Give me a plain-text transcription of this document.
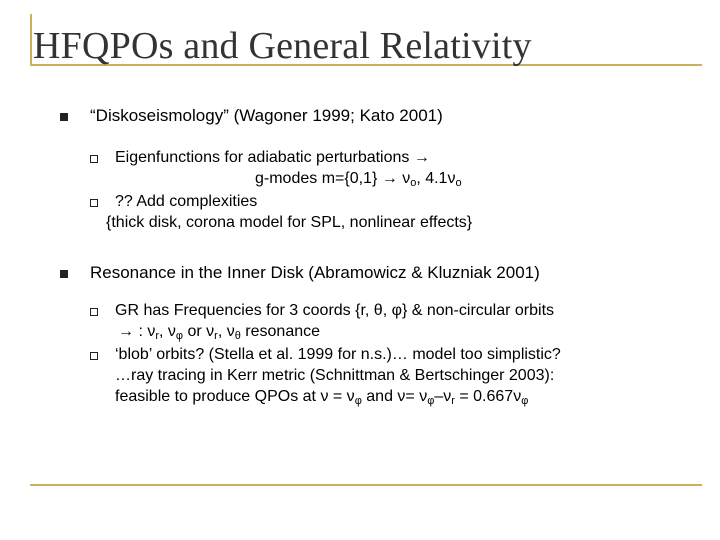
HFQPOs and General Relativity
“Diskoseismology” (Wagoner 1999; Kato 2001)
Eigenfunctions for adiabatic perturbations →
g-modes m={0,1} → νo, 4.1νo
?? Add complexities
{thick disk, corona model for SPL, nonlinear effects}
Resonance in the Inner Disk (Abramowicz & Kluzniak 2001)
GR has Frequencies for 3 coords {r, θ, φ} & non-circular orbits
→ : νr, νφ or νr, νθ resonance
‘blob’ orbits? (Stella et al. 1999 for n.s.)… model too simplistic?
…ray tracing in Kerr metric (Schnittman & Bertschinger 2003):
feasible to produce QPOs at ν = νφ and ν= νφ–νr = 0.667νφ
